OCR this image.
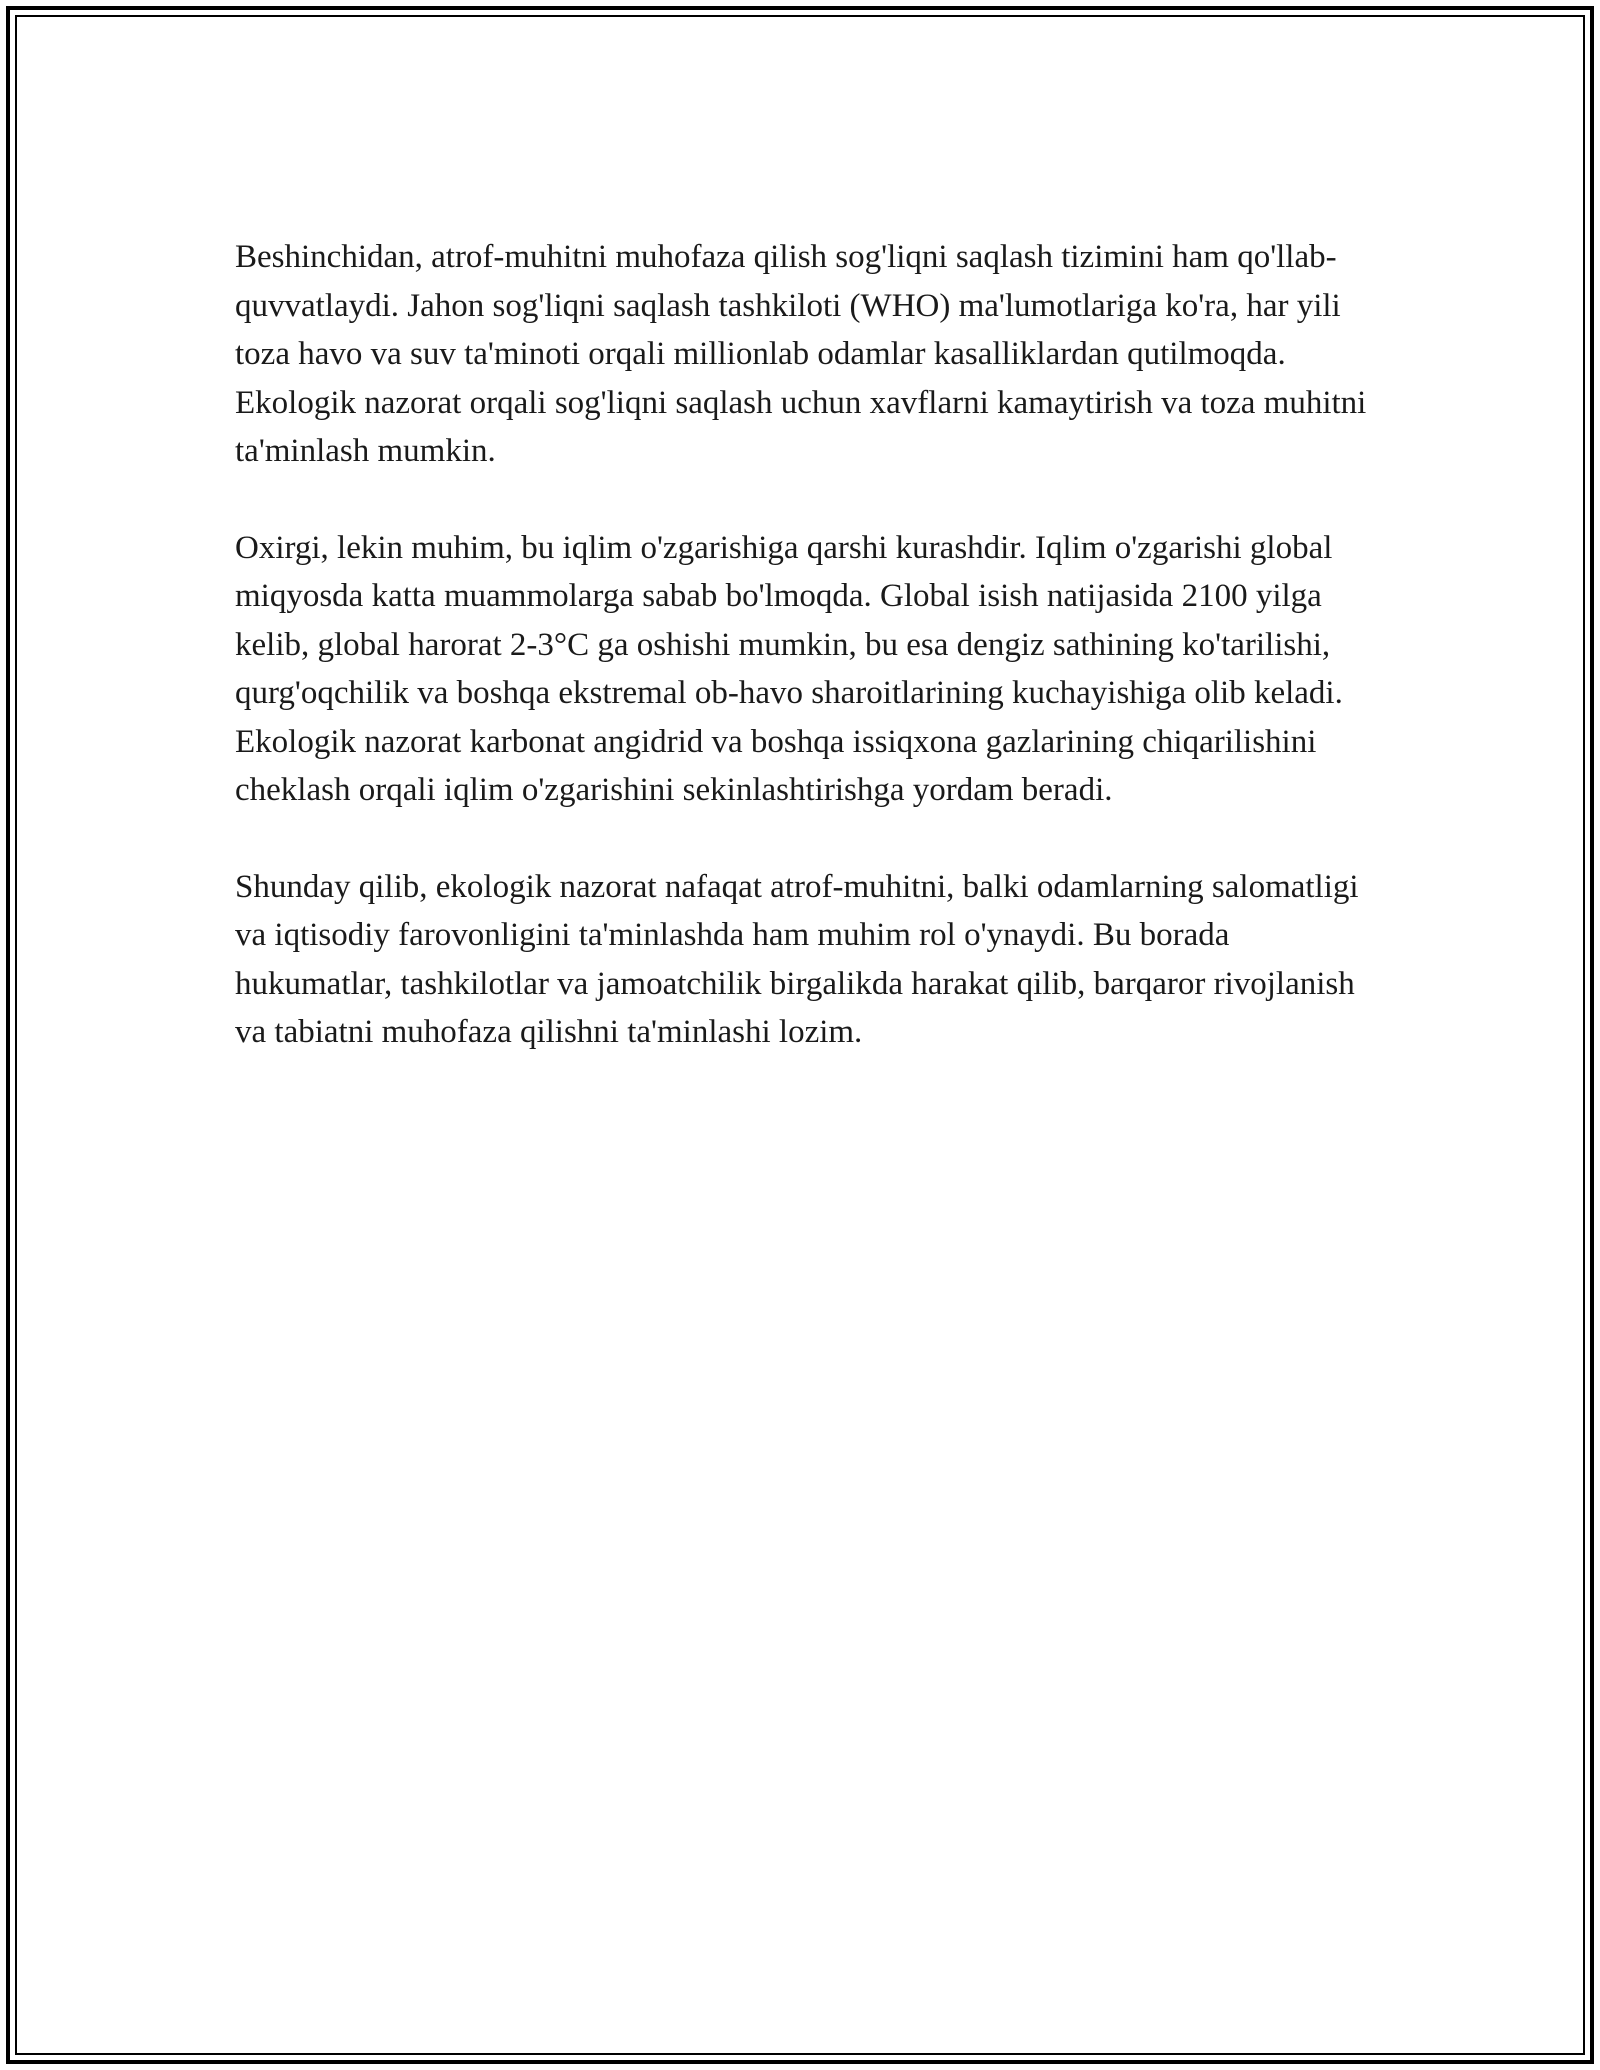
Beshinchidan, atrof-muhitni muhofaza qilish sog'liqni saqlash tizimini ham qo'llab-quvvatlaydi. Jahon sog'liqni saqlash tashkiloti (WHO) ma'lumotlariga ko'ra, har yili toza havo va suv ta'minoti orqali millionlab odamlar kasalliklardan qutilmoqda. Ekologik nazorat orqali sog'liqni saqlash uchun xavflarni kamaytirish va toza muhitni ta'minlash mumkin.

Oxirgi, lekin muhim, bu iqlim o'zgarishiga qarshi kurashdir. Iqlim o'zgarishi global miqyosda katta muammolarga sabab bo'lmoqda. Global isish natijasida 2100 yilga kelib, global harorat 2-3°C ga oshishi mumkin, bu esa dengiz sathining ko'tarilishi, qurg'oqchilik va boshqa ekstremal ob-havo sharoitlarining kuchayishiga olib keladi. Ekologik nazorat karbonat angidrid va boshqa issiqxona gazlarining chiqarilishini cheklash orqali iqlim o'zgarishini sekinlashtirishga yordam beradi.

Shunday qilib, ekologik nazorat nafaqat atrof-muhitni, balki odamlarning salomatligi va iqtisodiy farovonligini ta'minlashda ham muhim rol o'ynaydi. Bu borada hukumatlar, tashkilotlar va jamoatchilik birgalikda harakat qilib, barqaror rivojlanish va tabiatni muhofaza qilishni ta'minlashi lozim.
